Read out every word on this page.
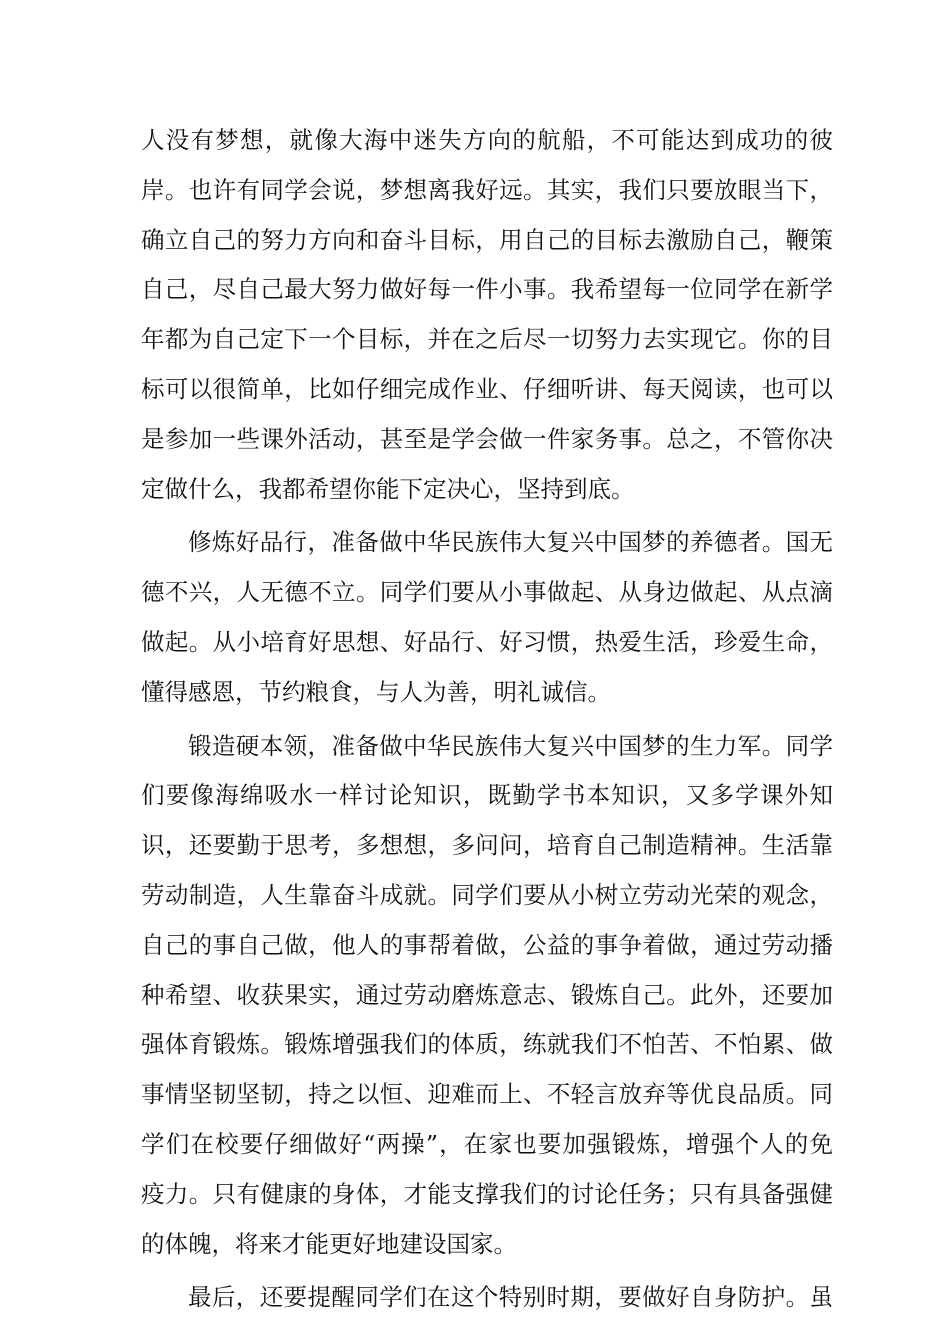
人没有梦想，就像大海中迷失方向的航船，不可能达到成功的彼
岸。也许有同学会说，梦想离我好远。其实，我们只要放眼当下，
确立自己的努力方向和奋斗目标，用自己的目标去激励自己，鞭策
自己，尽自己最大努力做好每一件小事。我希望每一位同学在新学
年都为自己定下一个目标，并在之后尽一切努力去实现它。你的目
标可以很简单，比如仔细完成作业、仔细听讲、每天阅读，也可以
是参加一些课外活动，甚至是学会做一件家务事。总之，不管你决
定做什么，我都希望你能下定决心，坚持到底。
修炼好品行，准备做中华民族伟大复兴中国梦的养德者。国无
德不兴，人无德不立。同学们要从小事做起、从身边做起、从点滴
做起。从小培育好思想、好品行、好习惯，热爱生活，珍爱生命，
懂得感恩，节约粮食，与人为善，明礼诚信。
锻造硬本领，准备做中华民族伟大复兴中国梦的生力军。同学
们要像海绵吸水一样讨论知识，既勤学书本知识，又多学课外知
识，还要勤于思考，多想想，多问问，培育自己制造精神。生活靠
劳动制造，人生靠奋斗成就。同学们要从小树立劳动光荣的观念，
自己的事自己做，他人的事帮着做，公益的事争着做，通过劳动播
种希望、收获果实，通过劳动磨炼意志、锻炼自己。此外，还要加
强体育锻炼。锻炼增强我们的体质，练就我们不怕苦、不怕累、做
事情坚韧坚韧，持之以恒、迎难而上、不轻言放弃等优良品质。同
学们在校要仔细做好“两操”，在家也要加强锻炼，增强个人的免
疫力。只有健康的身体，才能支撑我们的讨论任务；只有具备强健
的体魄，将来才能更好地建设国家。
最后，还要提醒同学们在这个特别时期，要做好自身防护。虽
